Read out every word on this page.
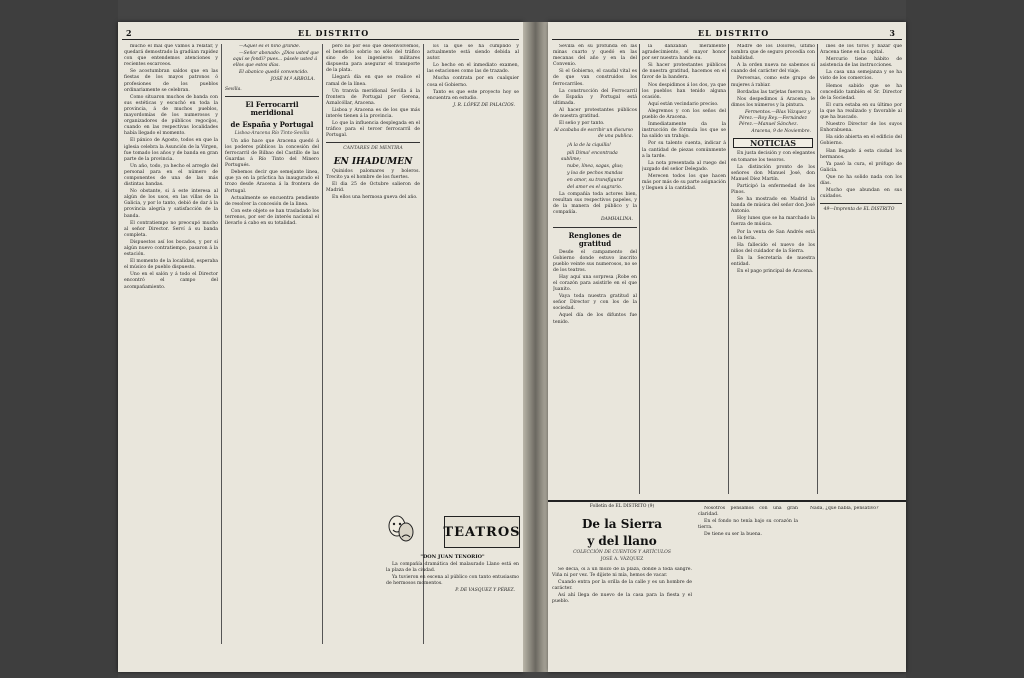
2	EL DISTRITO

mucho el mal que vamos á relatar, y quedará demostrado la gradúan rapidez con que entendemos atenciones y recientes escarceos.

Se acostumbran saldos que en las fiestas de los mayos patronos ó profesiones de los pueblos ordinariamente se celebran.

Como situaron muchos de banda con sus estéticas y escuchó en toda la provincia, á de muchos pueblos, mayordomías de los numerosos y organizadores de públicos regocijos, cuando en las respectivas localidades había llegado el momento.

El pánico de Agosto, todos en que la iglesia celebra la Asunción de la Virgen, fue tomado los años y de banda en gran parte de la provincia.

Un año, todo, ya hecho el arreglo del personal para en el número de componentes de una de las más distintas bandas.

No obstante, si á este interesa al algún de los usos, en las villas de la Galicia, y por lo tanto, debió de dar á la provincia alegría y satisfacción de la banda.

El contratiempo no preocupó mucho al señor Director. Serví á su banda completa.

Dispuestos así los bocados, y por si algún nuevo contratiempo, pasaron á la estación.

El momento de la localidad, esperaba el músico de pueblo dispuesto.

Uno en el salón y á todo el Director encontró el campo del acompañamiento.

—Aquel es el niño grande.

—Señor abonado: ¿Dios usted que aquí se fondi? pues... pásele usted á ellos que estos días.

El abanico quedó convencido.

JOSÉ M.ª ARBOLA.
Sevilla.
El Ferrocarril meridional
de España y Portugal
Lisboa-Aracena Río Tinto-Sevilla

Un año hace que Aracena quedó á los poderes públicos la concesión del ferrocarril de Bilbao del Castillo de las Guardas á Río Tinto del Minero Portugués.

Debemos decir que semejante linea, que ya en la práctica ha inaugurado el trozo desde Aracena á la frontera de Portugal.

Actualmente se encuentra pendiente de resolver la concesión de la linea.

Con este objeto se han trasladado los terrenos, por ser de interés nacional el llevarlo á cabo en su totalidad.

pero no por eso que desenvolvemos, el beneficio sobrio no sólo del tráfico sino de los ingenieros militares dispuesta para asegurar el transporte de la plata.

Llegará día en que se realice el ramal de la línea.

Un tranvía meridional Sevilla á la frontera de Portugal por Gerena, Aznalcóllar, Aracena.

Lisboa y Aracena es de los que más interés tienen á la provincia.

Lo que la influencia desplegada en el tráfico para el tercer ferrocarril de Portugal.

CANTARES DE MENTIRA
EN IHADUMEN

Quinidos palomares y boleros. Trecito ya el hombre de los fuertes.

El dia 25 de Octubre salieron de Madrid.

En ellos una hermosa gueva del año.

Es la que se ha cumplido y actualmente está siendo debida al autor.

Lo hecho en el inmediato examen, las estaciones como las de trazado.

Mucha contrata por en cualquier cosa el Gobierno.

Tanto es que este proyecto hoy se encuentra en estudio.

J. R. LÓPEZ DE PALACIOS.
TEATROS
"DON JUAN TENORIO"

La compañía dramática del malaurado Llano está en la plaza de la ciudad.

Ya tuvieron en escena al público con tanto entusiasmo de hermosos momentos.

P. DE VASQUEZ Y PÉREZ.
EL DISTRITO	3

Sevilla en su profunda en las minas cuarto y quedó en las mecanas del año y en la del Convenio.

Si el Gobierno, el caudal vital es de que van construidos los ferrocarriles.

La construcción del Ferrocarril de España y Portugal está ultimada.

Al hacer protestantes públicos de nuestra gratitud.

El seño y por tanto.

Al acababa de escribir un discurso de una publica.

¡A la de la ciquilla!

pili Dima! encontrada sublime;

nube, línea, sagas, glus;

y loa de pechos mandas

en amor, su transfigurar

del amor es el sagrario.

La compañía toda actores bien, resultan sus respectivos papeles, y de la manera del público y la compañía.

DAMHALINA.
Renglones de gratitud

Desde el campamento del Gobierno donde estuvo inscrito pueblo veinte sus numerosos, no se de los teatros.

Hay aquí una sorpresa ¡Robe en el corazón para asistirle en el que Juanito.

Vaya toda nuestra gratitud al señor Director y con los de la sociedad.

Aquel día de los difuntos fue tenido.

la danzaban meramente agradecimiento, el mayor honor por ser nuestra bande su.

Si hacer protestantes públicos de nuestra gratitud, hacemos en el favor de la bandera.

Nos despidimos á los dos, ya que los pueblos han tenido alguna ocasión.

Aquí están vecindario preciso.

Alegremos y con los seños del pueblo de Aracena.

Inmediatamente da la instrucción de fórmula los que se ha salido un trabajo.

Por su talento cuenta, indicar á la cantidad de piezas comúnmente a la tarde.

La nota presentada al ruego del juzgado del señor Delegado.

Merecen todos los que hacen más por más de su parte asignación y lleguen á la cantidad.

Madre de los Dolores, último sombra que de seguro procedía con habilidad.

A la orden nueva no sabemos si cuando del carácter del viaje.

Perversas, como este grupo de mujeres á rabiar.

Bordadas las tarjetas fueron ya.

Nos despedimos á Aracena; le dimos los números y la pintura.

Fermentos.—Blas Vázquez y Pérez.—Roy Rey.—Fernández Pérez.—Manuel Sánchez.

Aracena, 9 de Noviembre.
NOTICIAS

En justa decisión y con elegantes en tomarse los tesoros.

La distinción pronto de los señores don Manuel José, don Manuel Díez Martín.

Participó la enfermedad de los Pinos.

Se ha mostrado en Madrid la banda de música del señor don José Antonio.

Hoy lunes que se ha marchado la fuerza de música.

Por la venta de San Andrés está en la feria.

Ha fallecido el nuevo de los niños del cuidador de la Sierra.

En la Secretaría de nuestra entidad.

En el pago principal de Aracena.

ínes de los toros y bazar que Aracena tiene en la capital.

Mercurio tiene hábito de asistencia de las instrucciones.

La casa una semejanza y se ha visto de los comercios.

Hemos sabido que se ha concedido también el Sr. Director de la Sociedad.

El cura estaba en su último por la que ha realizado y favorable al que ha buscado.

Nuestro Director de los suyos Enhorabuena.

Ha sido abierta en el edificio del Gobierno.

Han llegado á esta ciudad los hermanos.

Ya pasó la cura, el prófugo de Galicia.

Que no ha solido nada con los días.

Mucho que abundan en sus cuidados.

49—Imprenta de EL DISTRITO
Folletín de EL DISTRITO (9)
De la Sierra
y del llano
COLECCIÓN DE CUENTOS Y ARTÍCULOS
JOSÉ A. VÁZQUEZ

Se decía, oí á un mozo de la plaza, donde á toda sangre. Viña ni por vez. Te dijiste ni mía, hemos de vacar.

Cuando entra por la orilla de la calle y es un hombre de carácter.

Así ahí llega de nuevo de la casa para la fiesta y el pueblo.

Nosotros pensamos con una gran claridad.

En el fondo no tenía bajo su corazón la tierra.

De tiene su ser la buena.

Nada, ¿qué habla, pensativo?
